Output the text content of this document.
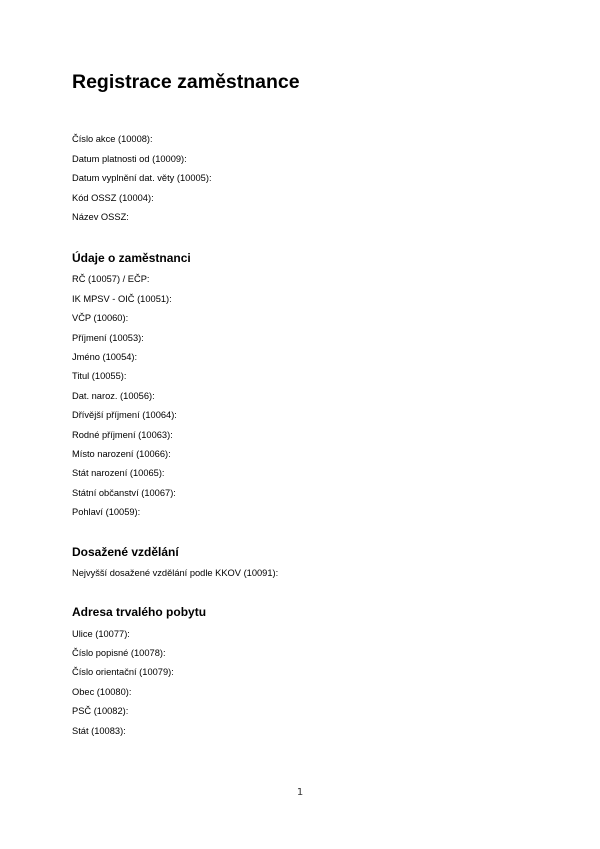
Registrace zaměstnance
Číslo akce (10008):
Datum platnosti od (10009):
Datum vyplnění dat. věty (10005):
Kód OSSZ (10004):
Název OSSZ:
Údaje o zaměstnanci
RČ (10057) / EČP:
IK MPSV - OIČ (10051):
VČP (10060):
Příjmení (10053):
Jméno (10054):
Titul (10055):
Dat. naroz. (10056):
Dřívější příjmení (10064):
Rodné příjmení (10063):
Místo narození (10066):
Stát narození (10065):
Státní občanství (10067):
Pohlaví (10059):
Dosažené vzdělání
Nejvyšší dosažené vzdělání podle KKOV (10091):
Adresa trvalého pobytu
Ulice (10077):
Číslo popisné (10078):
Číslo orientační (10079):
Obec (10080):
PSČ (10082):
Stát (10083):
1
